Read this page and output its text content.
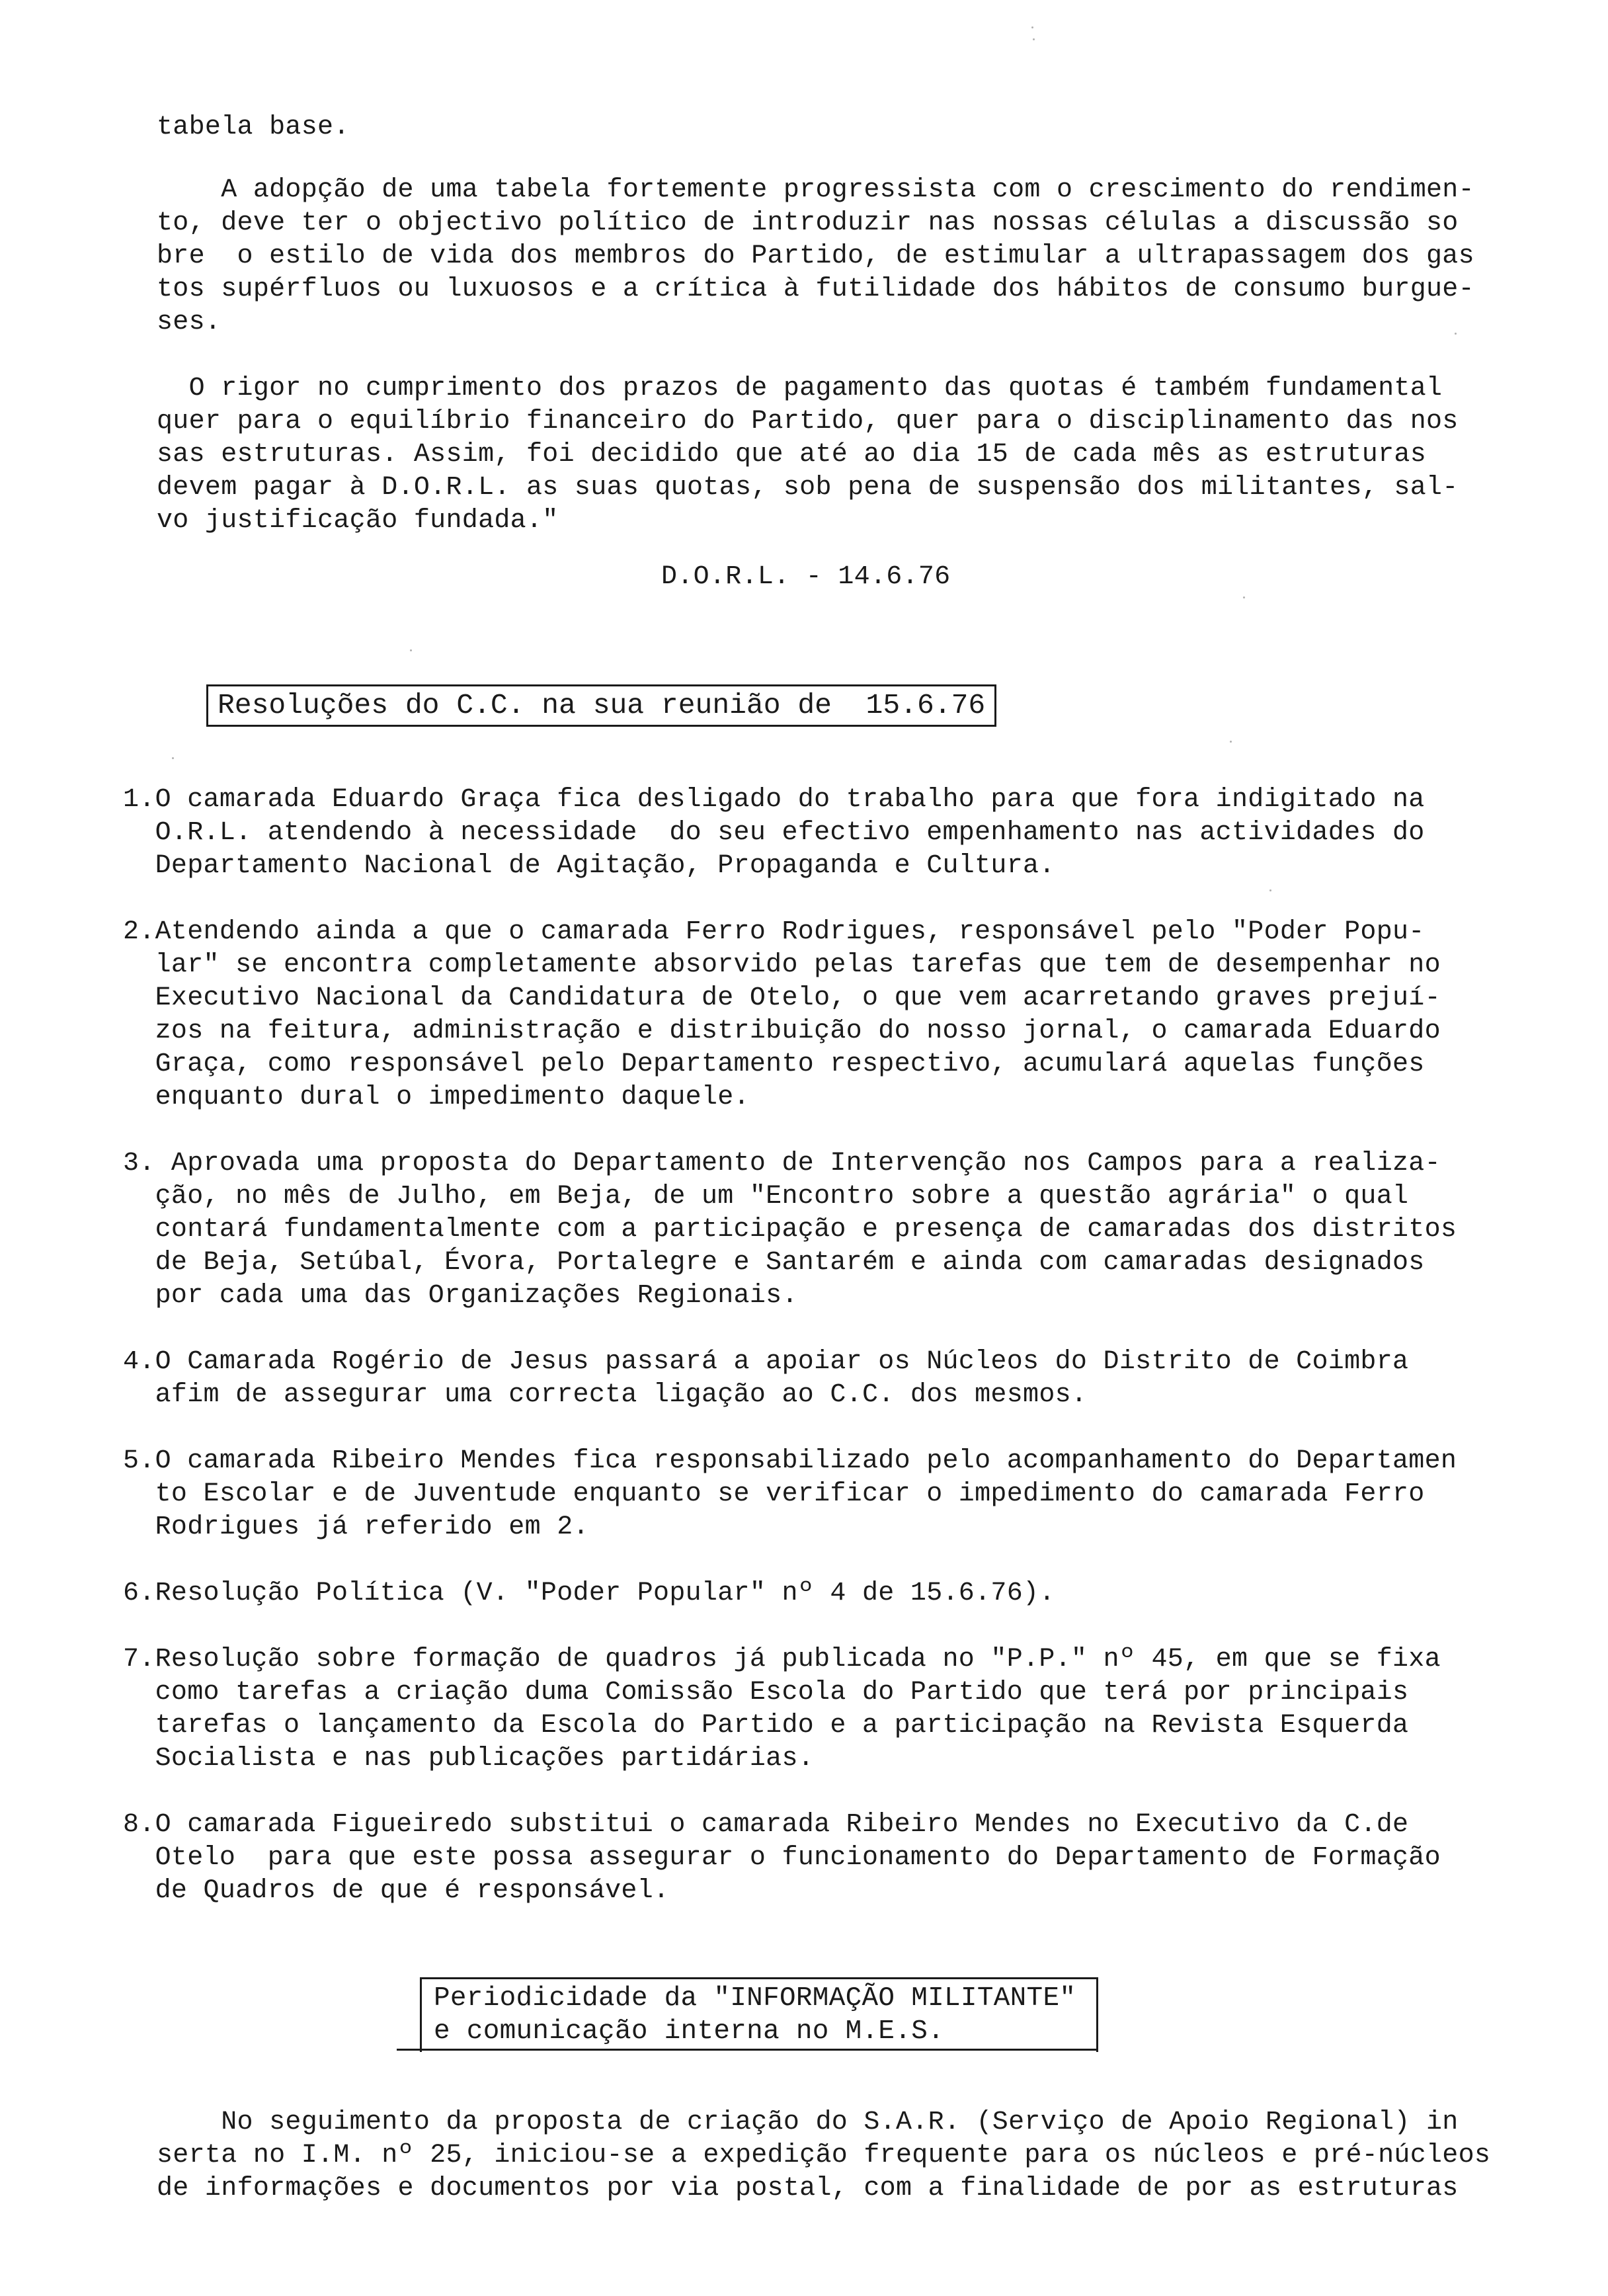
tabela base.
A adopção de uma tabela fortemente progressista com o crescimento do rendimen-
to, deve ter o objectivo político de introduzir nas nossas células a discussão so
bre  o estilo de vida dos membros do Partido, de estimular a ultrapassagem dos gas
tos supérfluos ou luxuosos e a crítica à futilidade dos hábitos de consumo burgue-
ses.
O rigor no cumprimento dos prazos de pagamento das quotas é também fundamental
quer para o equilíbrio financeiro do Partido, quer para o disciplinamento das nos
sas estruturas. Assim, foi decidido que até ao dia 15 de cada mês as estruturas
devem pagar à D.O.R.L. as suas quotas, sob pena de suspensão dos militantes, sal-
vo justificação fundada."
D.O.R.L. - 14.6.76
Resoluções do C.C. na sua reunião de  15.6.76
1.O camarada Eduardo Graça fica desligado do trabalho para que fora indigitado na
O.R.L. atendendo à necessidade  do seu efectivo empenhamento nas actividades do
Departamento Nacional de Agitação, Propaganda e Cultura.
2.Atendendo ainda a que o camarada Ferro Rodrigues, responsável pelo "Poder Popu-
lar" se encontra completamente absorvido pelas tarefas que tem de desempenhar no
Executivo Nacional da Candidatura de Otelo, o que vem acarretando graves prejuí-
zos na feitura, administração e distribuição do nosso jornal, o camarada Eduardo
Graça, como responsável pelo Departamento respectivo, acumulará aquelas funções
enquanto dural o impedimento daquele.
3. Aprovada uma proposta do Departamento de Intervenção nos Campos para a realiza-
ção, no mês de Julho, em Beja, de um "Encontro sobre a questão agrária" o qual
contará fundamentalmente com a participação e presença de camaradas dos distritos
de Beja, Setúbal, Évora, Portalegre e Santarém e ainda com camaradas designados
por cada uma das Organizações Regionais.
4.O Camarada Rogério de Jesus passará a apoiar os Núcleos do Distrito de Coimbra
afim de assegurar uma correcta ligação ao C.C. dos mesmos.
5.O camarada Ribeiro Mendes fica responsabilizado pelo acompanhamento do Departamen
to Escolar e de Juventude enquanto se verificar o impedimento do camarada Ferro
Rodrigues já referido em 2.
6.Resolução Política (V. "Poder Popular" nº 4 de 15.6.76).
7.Resolução sobre formação de quadros já publicada no "P.P." nº 45, em que se fixa
como tarefas a criação duma Comissão Escola do Partido que terá por principais
tarefas o lançamento da Escola do Partido e a participação na Revista Esquerda
Socialista e nas publicações partidárias.
8.O camarada Figueiredo substitui o camarada Ribeiro Mendes no Executivo da C.de
Otelo  para que este possa assegurar o funcionamento do Departamento de Formação
de Quadros de que é responsável.
Periodicidade da "INFORMAÇÃO MILITANTE"
e comunicação interna no M.E.S.
No seguimento da proposta de criação do S.A.R. (Serviço de Apoio Regional) in
serta no I.M. nº 25, iniciou-se a expedição frequente para os núcleos e pré-núcleos
de informações e documentos por via postal, com a finalidade de por as estruturas
